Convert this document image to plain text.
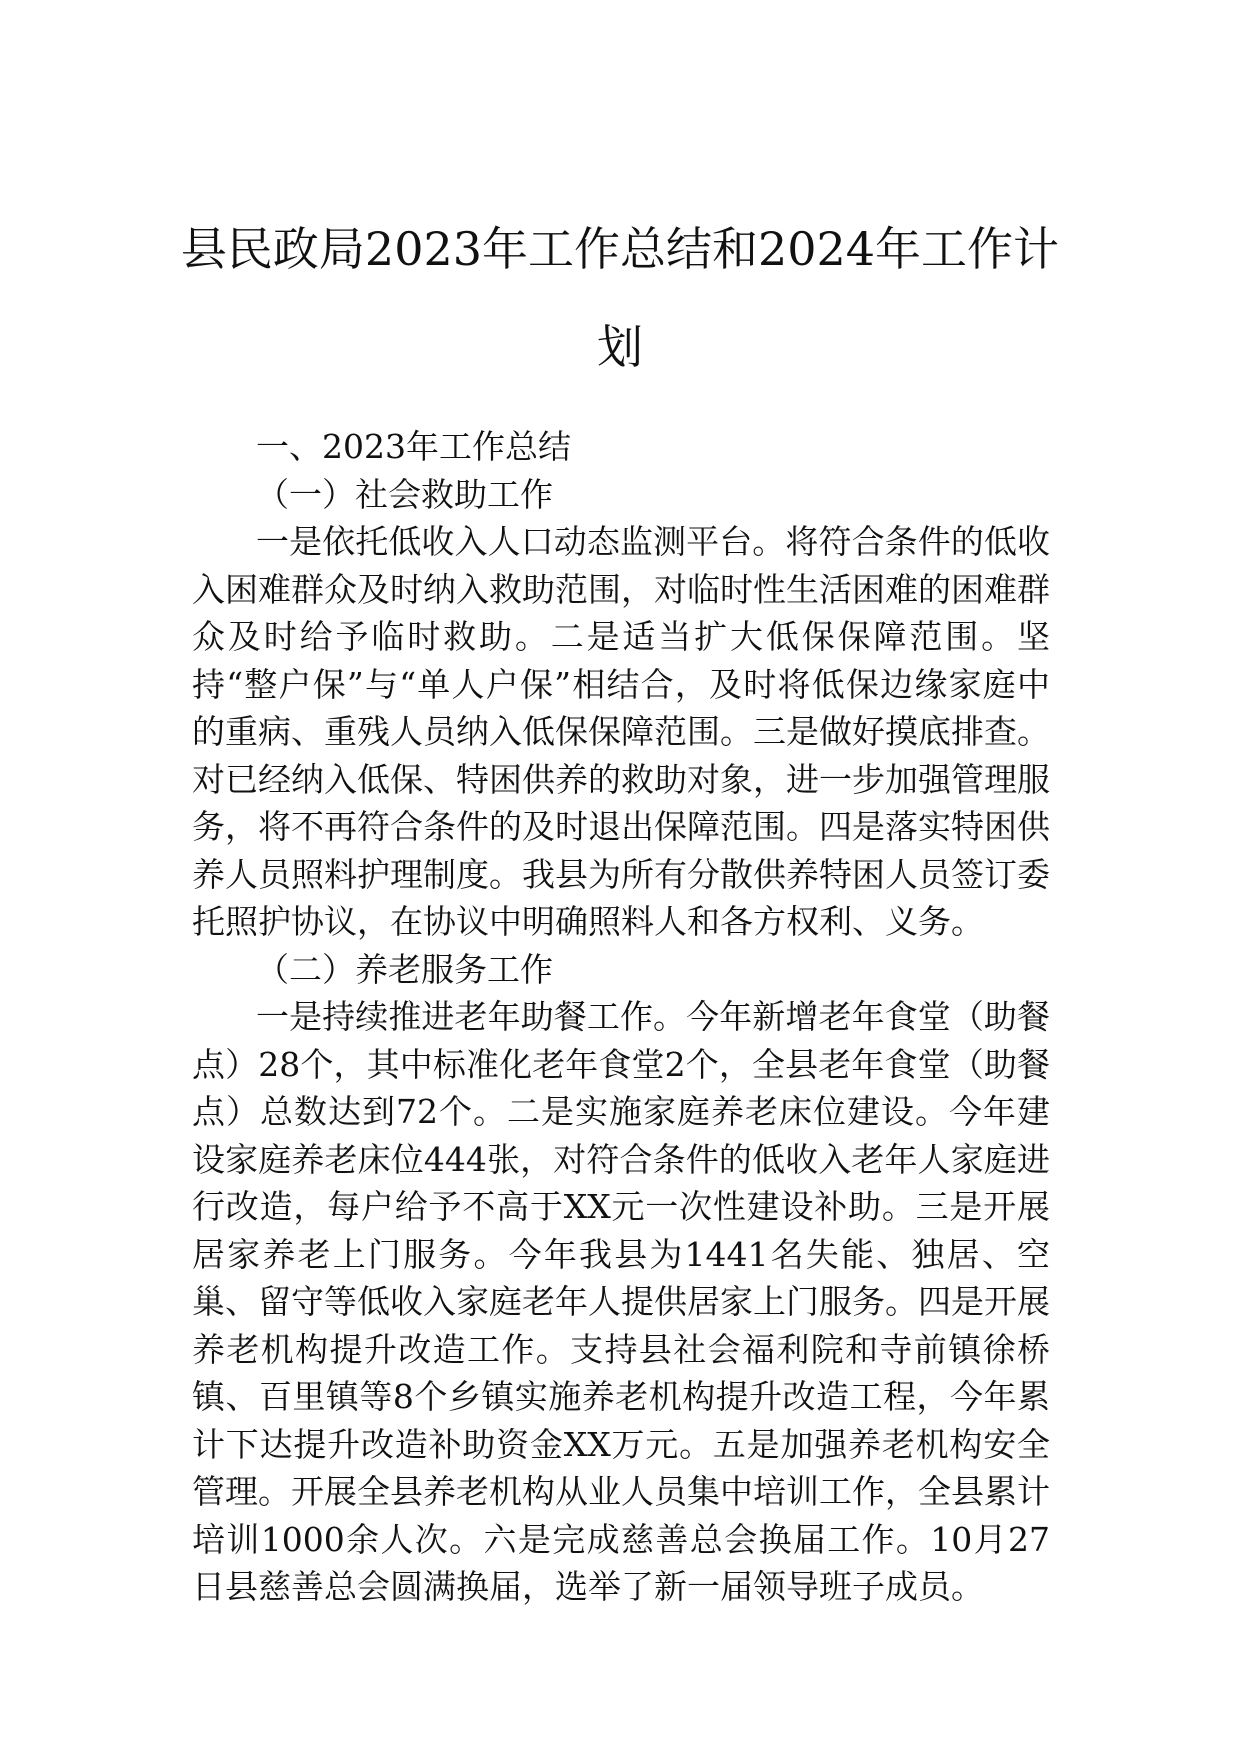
县民政局2023年工作总结和2024年工作计划

一、2023年工作总结

（一）社会救助工作

一是依托低收入人口动态监测平台。将符合条件的低收入困难群众及时纳入救助范围，对临时性生活困难的困难群众及时给予临时救助。二是适当扩大低保保障范围。坚持“整户保”与“单人户保”相结合，及时将低保边缘家庭中的重病、重残人员纳入低保保障范围。三是做好摸底排查。对已经纳入低保、特困供养的救助对象，进一步加强管理服务，将不再符合条件的及时退出保障范围。四是落实特困供养人员照料护理制度。我县为所有分散供养特困人员签订委托照护协议，在协议中明确照料人和各方权利、义务。

（二）养老服务工作

一是持续推进老年助餐工作。今年新增老年食堂（助餐点）28个，其中标准化老年食堂2个，全县老年食堂（助餐点）总数达到72个。二是实施家庭养老床位建设。今年建设家庭养老床位444张，对符合条件的低收入老年人家庭进行改造，每户给予不高于XX元一次性建设补助。三是开展居家养老上门服务。今年我县为1441名失能、独居、空巢、留守等低收入家庭老年人提供居家上门服务。四是开展养老机构提升改造工作。支持县社会福利院和寺前镇徐桥镇、百里镇等8个乡镇实施养老机构提升改造工程，今年累计下达提升改造补助资金XX万元。五是加强养老机构安全管理。开展全县养老机构从业人员集中培训工作，全县累计培训1000余人次。六是完成慈善总会换届工作。10月27日县慈善总会圆满换届，选举了新一届领导班子成员。
